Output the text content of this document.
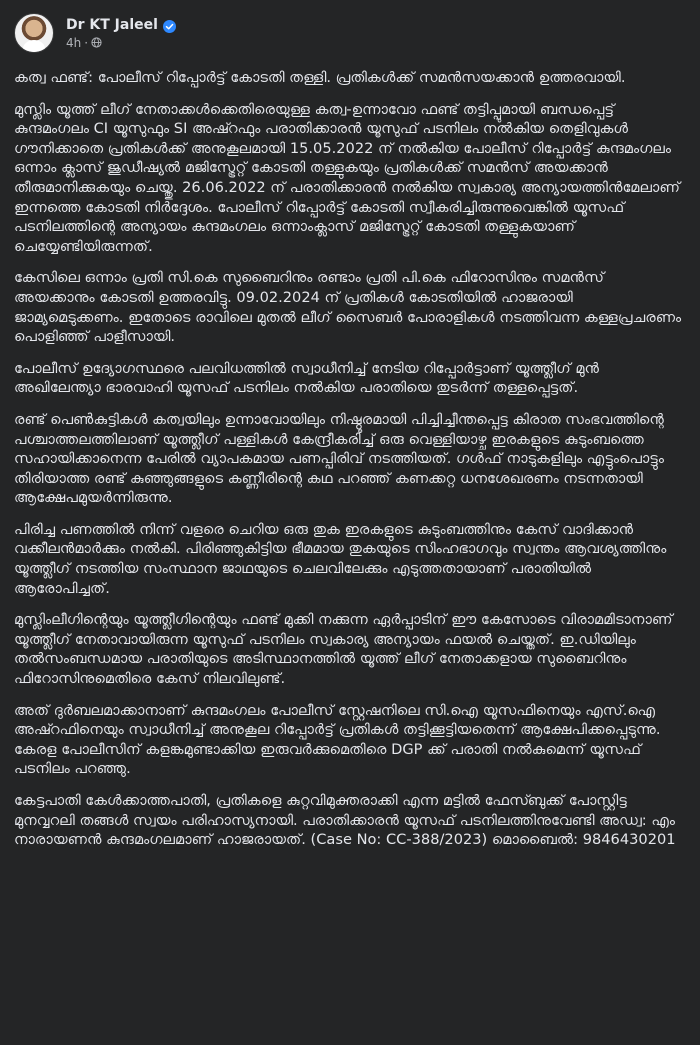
Dr KT Jaleel
4h ·

കത്വ ഫണ്ട്: പോലീസ് റിപ്പോർട്ട് കോടതി തള്ളി. പ്രതികൾക്ക് സമൻസയക്കാൻ ഉത്തരവായി.

മുസ്ലിം യൂത്ത് ലീഗ് നേതാക്കൾക്കെതിരെയുള്ള കത്വ-ഉന്നാവോ ഫണ്ട് തട്ടിപ്പുമായി ബന്ധപ്പെട്ട് കുന്ദമംഗലം CI യൂസുഫും SI അഷ്റഫും പരാതിക്കാരൻ യൂസുഫ് പടനിലം നൽകിയ തെളിവുകൾ ഗൗനിക്കാതെ പ്രതികൾക്ക് അനുകൂലമായി 15.05.2022 ന് നൽകിയ പോലീസ് റിപ്പോർട്ട് കുന്ദമംഗലം ഒന്നാം ക്ലാസ് ജുഡീഷ്യൽ മജിസ്ട്രേറ്റ് കോടതി തള്ളുകയും പ്രതികൾക്ക് സമൻസ് അയക്കാൻ തീരുമാനിക്കുകയും ചെയ്തു. 26.06.2022 ന് പരാതിക്കാരൻ നൽകിയ സ്വകാര്യ അന്യായത്തിൻമേലാണ് ഇന്നത്തെ കോടതി നിർദ്ദേശം. പോലീസ് റിപ്പോർട്ട് കോടതി സ്വീകരിച്ചിരുന്നുവെങ്കിൽ യൂസഫ് പടനിലത്തിന്റെ അന്യായം കുന്ദമംഗലം ഒന്നാംക്ലാസ് മജിസ്ട്രേറ്റ് കോടതി തള്ളുകയാണ് ചെയ്യേണ്ടിയിരുന്നത്.

കേസിലെ ഒന്നാം പ്രതി സി.കെ സുബൈറിനും രണ്ടാം പ്രതി പി.കെ ഫിറോസിനും സമൻസ് അയക്കാനും കോടതി ഉത്തരവിട്ടു. 09.02.2024 ന് പ്രതികൾ കോടതിയിൽ ഹാജരായി ജാമ്യമെടുക്കണം. ഇതോടെ രാവിലെ മുതൽ ലീഗ് സൈബർ പോരാളികൾ നടത്തിവന്ന കള്ളപ്രചരണം പൊളിഞ്ഞ് പാളീസായി.

പോലീസ് ഉദ്യോഗസ്ഥരെ പലവിധത്തിൽ സ്വാധീനിച്ച് നേടിയ റിപ്പോർട്ടാണ് യൂത്ത്ലീഗ് മുൻ അഖിലേന്ത്യാ ഭാരവാഹി യൂസഫ് പടനിലം നൽകിയ പരാതിയെ തുടർന്ന് തള്ളപ്പെട്ടത്.

രണ്ട് പെൺകുട്ടികൾ കത്വയിലും ഉന്നാവോയിലും നിഷ്ഠൂരമായി പിച്ചിച്ചീന്തപ്പെട്ട കിരാത സംഭവത്തിന്റെ പശ്ചാത്തലത്തിലാണ് യൂത്ത്ലീഗ് പള്ളികൾ കേന്ദ്രീകരിച്ച് ഒരു വെള്ളിയാഴ്ച ഇരകളുടെ കുടുംബത്തെ സഹായിക്കാനെന്ന പേരിൽ വ്യാപകമായ പണപ്പിരിവ് നടത്തിയത്. ഗൾഫ് നാടുകളിലും എട്ടുംപൊട്ടും തിരിയാത്ത രണ്ട് കുഞ്ഞുങ്ങളുടെ കണ്ണീരിന്റെ കഥ പറഞ്ഞ് കണക്കറ്റ ധനശേഖരണം നടന്നതായി ആക്ഷേപമുയർന്നിരുന്നു.

പിരിച്ച പണത്തിൽ നിന്ന് വളരെ ചെറിയ ഒരു തുക ഇരകളുടെ കുടുംബത്തിനും കേസ് വാദിക്കാൻ വക്കീലൻമാർക്കും നൽകി. പിരിഞ്ഞുകിട്ടിയ ഭീമമായ തുകയുടെ സിംഹഭാഗവും സ്വന്തം ആവശ്യത്തിനും യൂത്ത്ലീഗ് നടത്തിയ സംസ്ഥാന ജാഥയുടെ ചെലവിലേക്കും എടുത്തതായാണ് പരാതിയിൽ ആരോപിച്ചത്.

മുസ്ലിംലീഗിന്റെയും യൂത്ത്ലീഗിന്റെയും ഫണ്ട് മുക്കി നക്കുന്ന ഏർപ്പാടിന് ഈ കേസോടെ വിരാമമിടാനാണ് യൂത്ത്ലീഗ് നേതാവായിരുന്ന യൂസുഫ് പടനിലം സ്വകാര്യ അന്യായം ഫയൽ ചെയ്തത്. ഇ.ഡിയിലും തൽസംബന്ധമായ പരാതിയുടെ അടിസ്ഥാനത്തിൽ യൂത്ത് ലീഗ് നേതാക്കളായ സുബൈറിനും ഫിറോസിനുമെതിരെ കേസ് നിലവിലുണ്ട്.

അത് ദുർബലമാക്കാനാണ് കുന്ദമംഗലം പോലീസ് സ്റ്റേഷനിലെ സി.ഐ യൂസഫിനെയും എസ്.ഐ അഷ്റഫിനെയും സ്വാധീനിച്ച് അനുകൂല റിപ്പോർട്ട് പ്രതികൾ തട്ടിക്കൂട്ടിയതെന്ന് ആക്ഷേപിക്കപ്പെടുന്നു. കേരള പോലീസിന് കളങ്കമുണ്ടാക്കിയ ഇരുവർക്കുമെതിരെ DGP ക്ക് പരാതി നൽകുമെന്ന് യൂസഫ് പടനിലം പറഞ്ഞു.

കേട്ടപാതി കേൾക്കാത്തപാതി, പ്രതികളെ കുറ്റവിമുക്തരാക്കി എന്ന മട്ടിൽ ഫേസ്ബുക്ക് പോസ്റ്റിട്ട മുനവ്വറലി തങ്ങൾ സ്വയം പരിഹാസ്യനായി. പരാതിക്കാരൻ യൂസഫ് പടനിലത്തിനുവേണ്ടി അഡ്വ: എം നാരായണൻ കുന്ദമംഗലമാണ് ഹാജരായത്. (Case No: CC-388/2023) മൊബൈൽ: 9846430201
